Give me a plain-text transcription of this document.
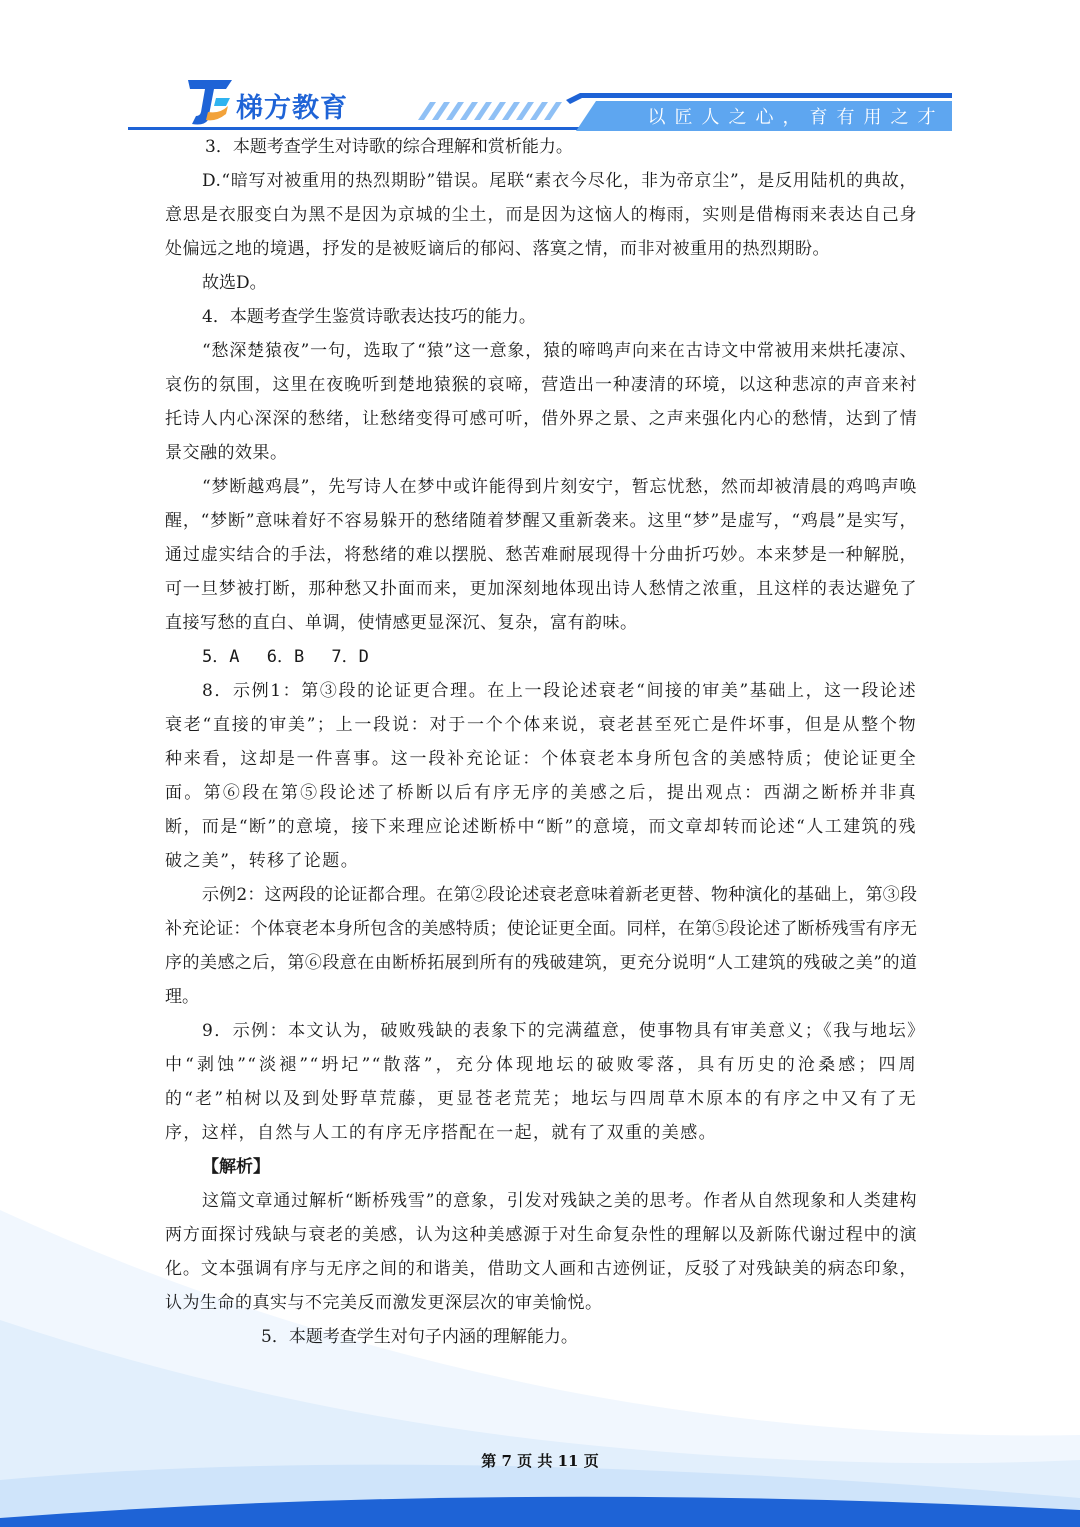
梯方教育	以匠人之心，育有用之才

3．本题考查学生对诗歌的综合理解和赏析能力。

D.“暗写对被重用的热烈期盼”错误。尾联“素衣今尽化，非为帝京尘”，是反用陆机的典故，意思是衣服变白为黑不是因为京城的尘土，而是因为这恼人的梅雨，实则是借梅雨来表达自己身处偏远之地的境遇，抒发的是被贬谪后的郁闷、落寞之情，而非对被重用的热烈期盼。

故选D。

4．本题考查学生鉴赏诗歌表达技巧的能力。

“愁深楚猿夜”一句，选取了“猿”这一意象，猿的啼鸣声向来在古诗文中常被用来烘托凄凉、哀伤的氛围，这里在夜晚听到楚地猿猴的哀啼，营造出一种凄清的环境，以这种悲凉的声音来衬托诗人内心深深的愁绪，让愁绪变得可感可听，借外界之景、之声来强化内心的愁情，达到了情景交融的效果。

“梦断越鸡晨”，先写诗人在梦中或许能得到片刻安宁，暂忘忧愁，然而却被清晨的鸡鸣声唤醒，“梦断”意味着好不容易躲开的愁绪随着梦醒又重新袭来。这里“梦”是虚写，“鸡晨”是实写，通过虚实结合的手法，将愁绪的难以摆脱、愁苦难耐展现得十分曲折巧妙。本来梦是一种解脱，可一旦梦被打断，那种愁又扑面而来，更加深刻地体现出诗人愁情之浓重，且这样的表达避免了直接写愁的直白、单调，使情感更显深沉、复杂，富有韵味。

5．A　 6．B　 7．D

8．示例1：第③段的论证更合理。在上一段论述衰老“间接的审美”基础上，这一段论述衰老“直接的审美”；上一段说：对于一个个体来说，衰老甚至死亡是件坏事，但是从整个物种来看，这却是一件喜事。这一段补充论证：个体衰老本身所包含的美感特质；使论证更全面。第⑥段在第⑤段论述了桥断以后有序无序的美感之后，提出观点：西湖之断桥并非真断，而是“断”的意境，接下来理应论述断桥中“断”的意境，而文章却转而论述“人工建筑的残破之美”，转移了论题。

示例2：这两段的论证都合理。在第②段论述衰老意味着新老更替、物种演化的基础上，第③段补充论证：个体衰老本身所包含的美感特质；使论证更全面。同样，在第⑤段论述了断桥残雪有序无序的美感之后，第⑥段意在由断桥拓展到所有的残破建筑，更充分说明“人工建筑的残破之美”的道理。

9．示例：本文认为，破败残缺的表象下的完满蕴意，使事物具有审美意义；《我与地坛》中“剥蚀”“淡褪”“坍圮”“散落”，充分体现地坛的破败零落，具有历史的沧桑感；四周的“老”柏树以及到处野草荒藤，更显苍老荒芜；地坛与四周草木原本的有序之中又有了无序，这样，自然与人工的有序无序搭配在一起，就有了双重的美感。

【解析】

这篇文章通过解析“断桥残雪”的意象，引发对残缺之美的思考。作者从自然现象和人类建构两方面探讨残缺与衰老的美感，认为这种美感源于对生命复杂性的理解以及新陈代谢过程中的演化。文本强调有序与无序之间的和谐美，借助文人画和古迹例证，反驳了对残缺美的病态印象，认为生命的真实与不完美反而激发更深层次的审美愉悦。

5．本题考查学生对句子内涵的理解能力。

第 7 页 共 11 页
